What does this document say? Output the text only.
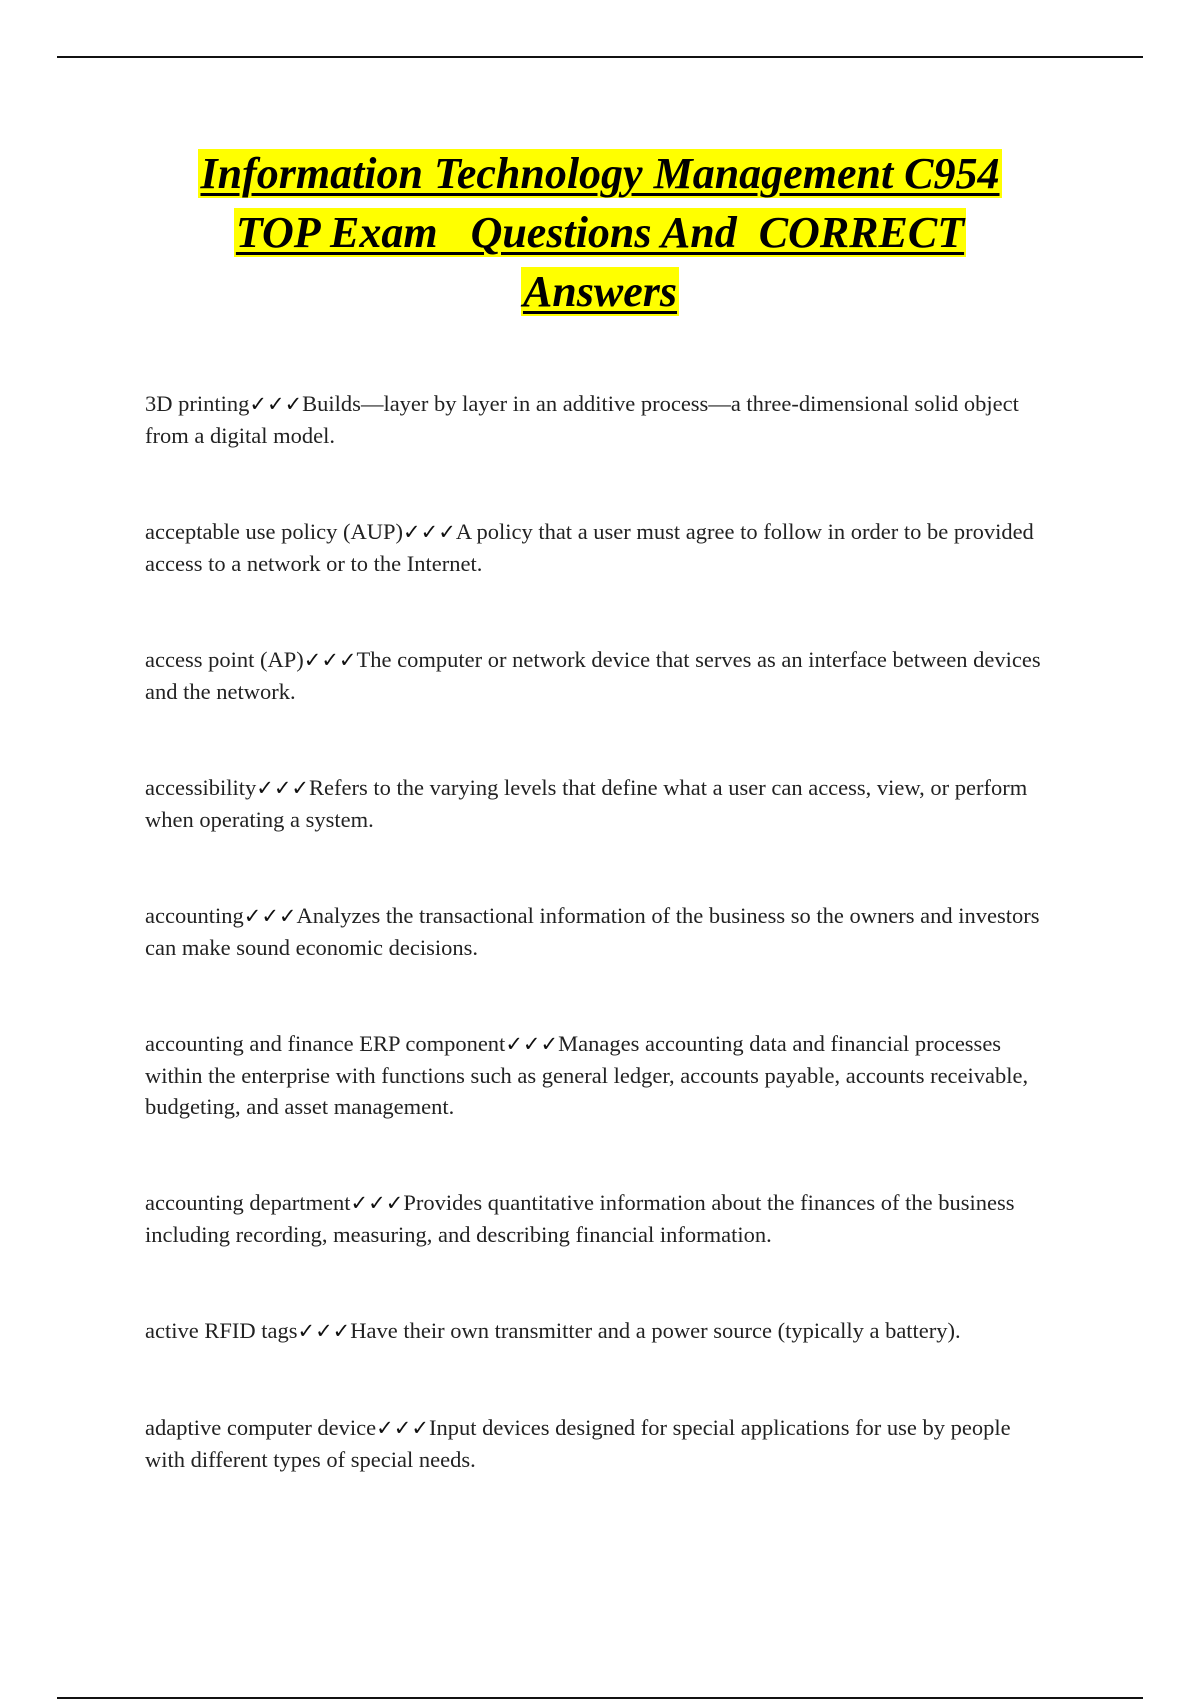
Information Technology Management C954
TOP Exam   Questions And  CORRECT
Answers

3D printing✓✓✓Builds—layer by layer in an additive process—a three-dimensional solid object from a digital model.

acceptable use policy (AUP)✓✓✓A policy that a user must agree to follow in order to be provided access to a network or to the Internet.

access point (AP)✓✓✓The computer or network device that serves as an interface between devices and the network.

accessibility✓✓✓Refers to the varying levels that define what a user can access, view, or perform when operating a system.

accounting✓✓✓Analyzes the transactional information of the business so the owners and investors can make sound economic decisions.

accounting and finance ERP component✓✓✓Manages accounting data and financial processes within the enterprise with functions such as general ledger, accounts payable, accounts receivable, budgeting, and asset management.

accounting department✓✓✓Provides quantitative information about the finances of the business including recording, measuring, and describing financial information.

active RFID tags✓✓✓Have their own transmitter and a power source (typically a battery).

adaptive computer device✓✓✓Input devices designed for special applications for use by people with different types of special needs.
